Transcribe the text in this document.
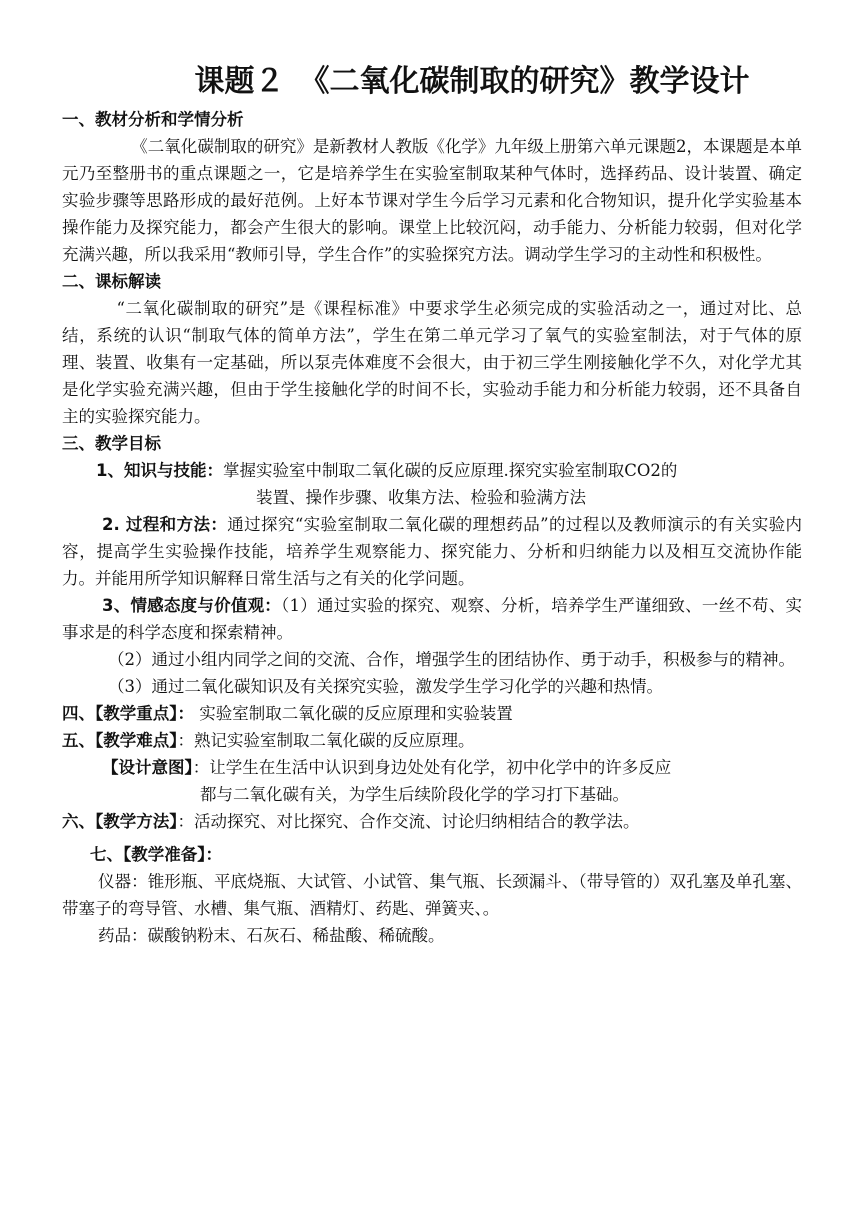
课题２　《二氧化碳制取的研究》教学设计
一、教材分析和学情分析

《二氧化碳制取的研究》是新教材人教版《化学》九年级上册第六单元课题2，本课题是本单元乃至整册书的重点课题之一，它是培养学生在实验室制取某种气体时，选择药品、设计装置、确定实验步骤等思路形成的最好范例。上好本节课对学生今后学习元素和化合物知识，提升化学实验基本操作能力及探究能力，都会产生很大的影响。课堂上比较沉闷，动手能力、分析能力较弱，但对化学充满兴趣，所以我采用“教师引导，学生合作”的实验探究方法。调动学生学习的主动性和积极性。

二、课标解读

“二氧化碳制取的研究”是《课程标准》中要求学生必须完成的实验活动之一，通过对比、总结，系统的认识“制取气体的简单方法”，学生在第二单元学习了氧气的实验室制法，对于气体的原理、装置、收集有一定基础，所以泵壳体难度不会很大，由于初三学生刚接触化学不久，对化学尤其是化学实验充满兴趣，但由于学生接触化学的时间不长，实验动手能力和分析能力较弱，还不具备自主的实验探究能力。

三、教学目标

1、知识与技能：掌握实验室中制取二氧化碳的反应原理.探究实验室制取CO2的

装置、操作步骤、收集方法、检验和验满方法

2. 过程和方法：通过探究“实验室制取二氧化碳的理想药品”的过程以及教师演示的有关实验内容，提高学生实验操作技能，培养学生观察能力、探究能力、分析和归纳能力以及相互交流协作能力。并能用所学知识解释日常生活与之有关的化学问题。

3、情感态度与价值观：（1）通过实验的探究、观察、分析，培养学生严谨细致、一丝不苟、实事求是的科学态度和探索精神。

（2）通过小组内同学之间的交流、合作，增强学生的团结协作、勇于动手，积极参与的精神。

（3）通过二氧化碳知识及有关探究实验，激发学生学习化学的兴趣和热情。

四、【教学重点】： 实验室制取二氧化碳的反应原理和实验装置

五、【教学难点】：熟记实验室制取二氧化碳的反应原理。

【设计意图】：让学生在生活中认识到身边处处有化学，初中化学中的许多反应

都与二氧化碳有关，为学生后续阶段化学的学习打下基础。

六、【教学方法】：活动探究、对比探究、合作交流、讨论归纳相结合的教学法。

七、【教学准备】：

仪器：锥形瓶、平底烧瓶、大试管、小试管、集气瓶、长颈漏斗、（带导管的）双孔塞及单孔塞、带塞子的弯导管、水槽、集气瓶、酒精灯、药匙、弹簧夹、。

药品：碳酸钠粉末、石灰石、稀盐酸、稀硫酸。
